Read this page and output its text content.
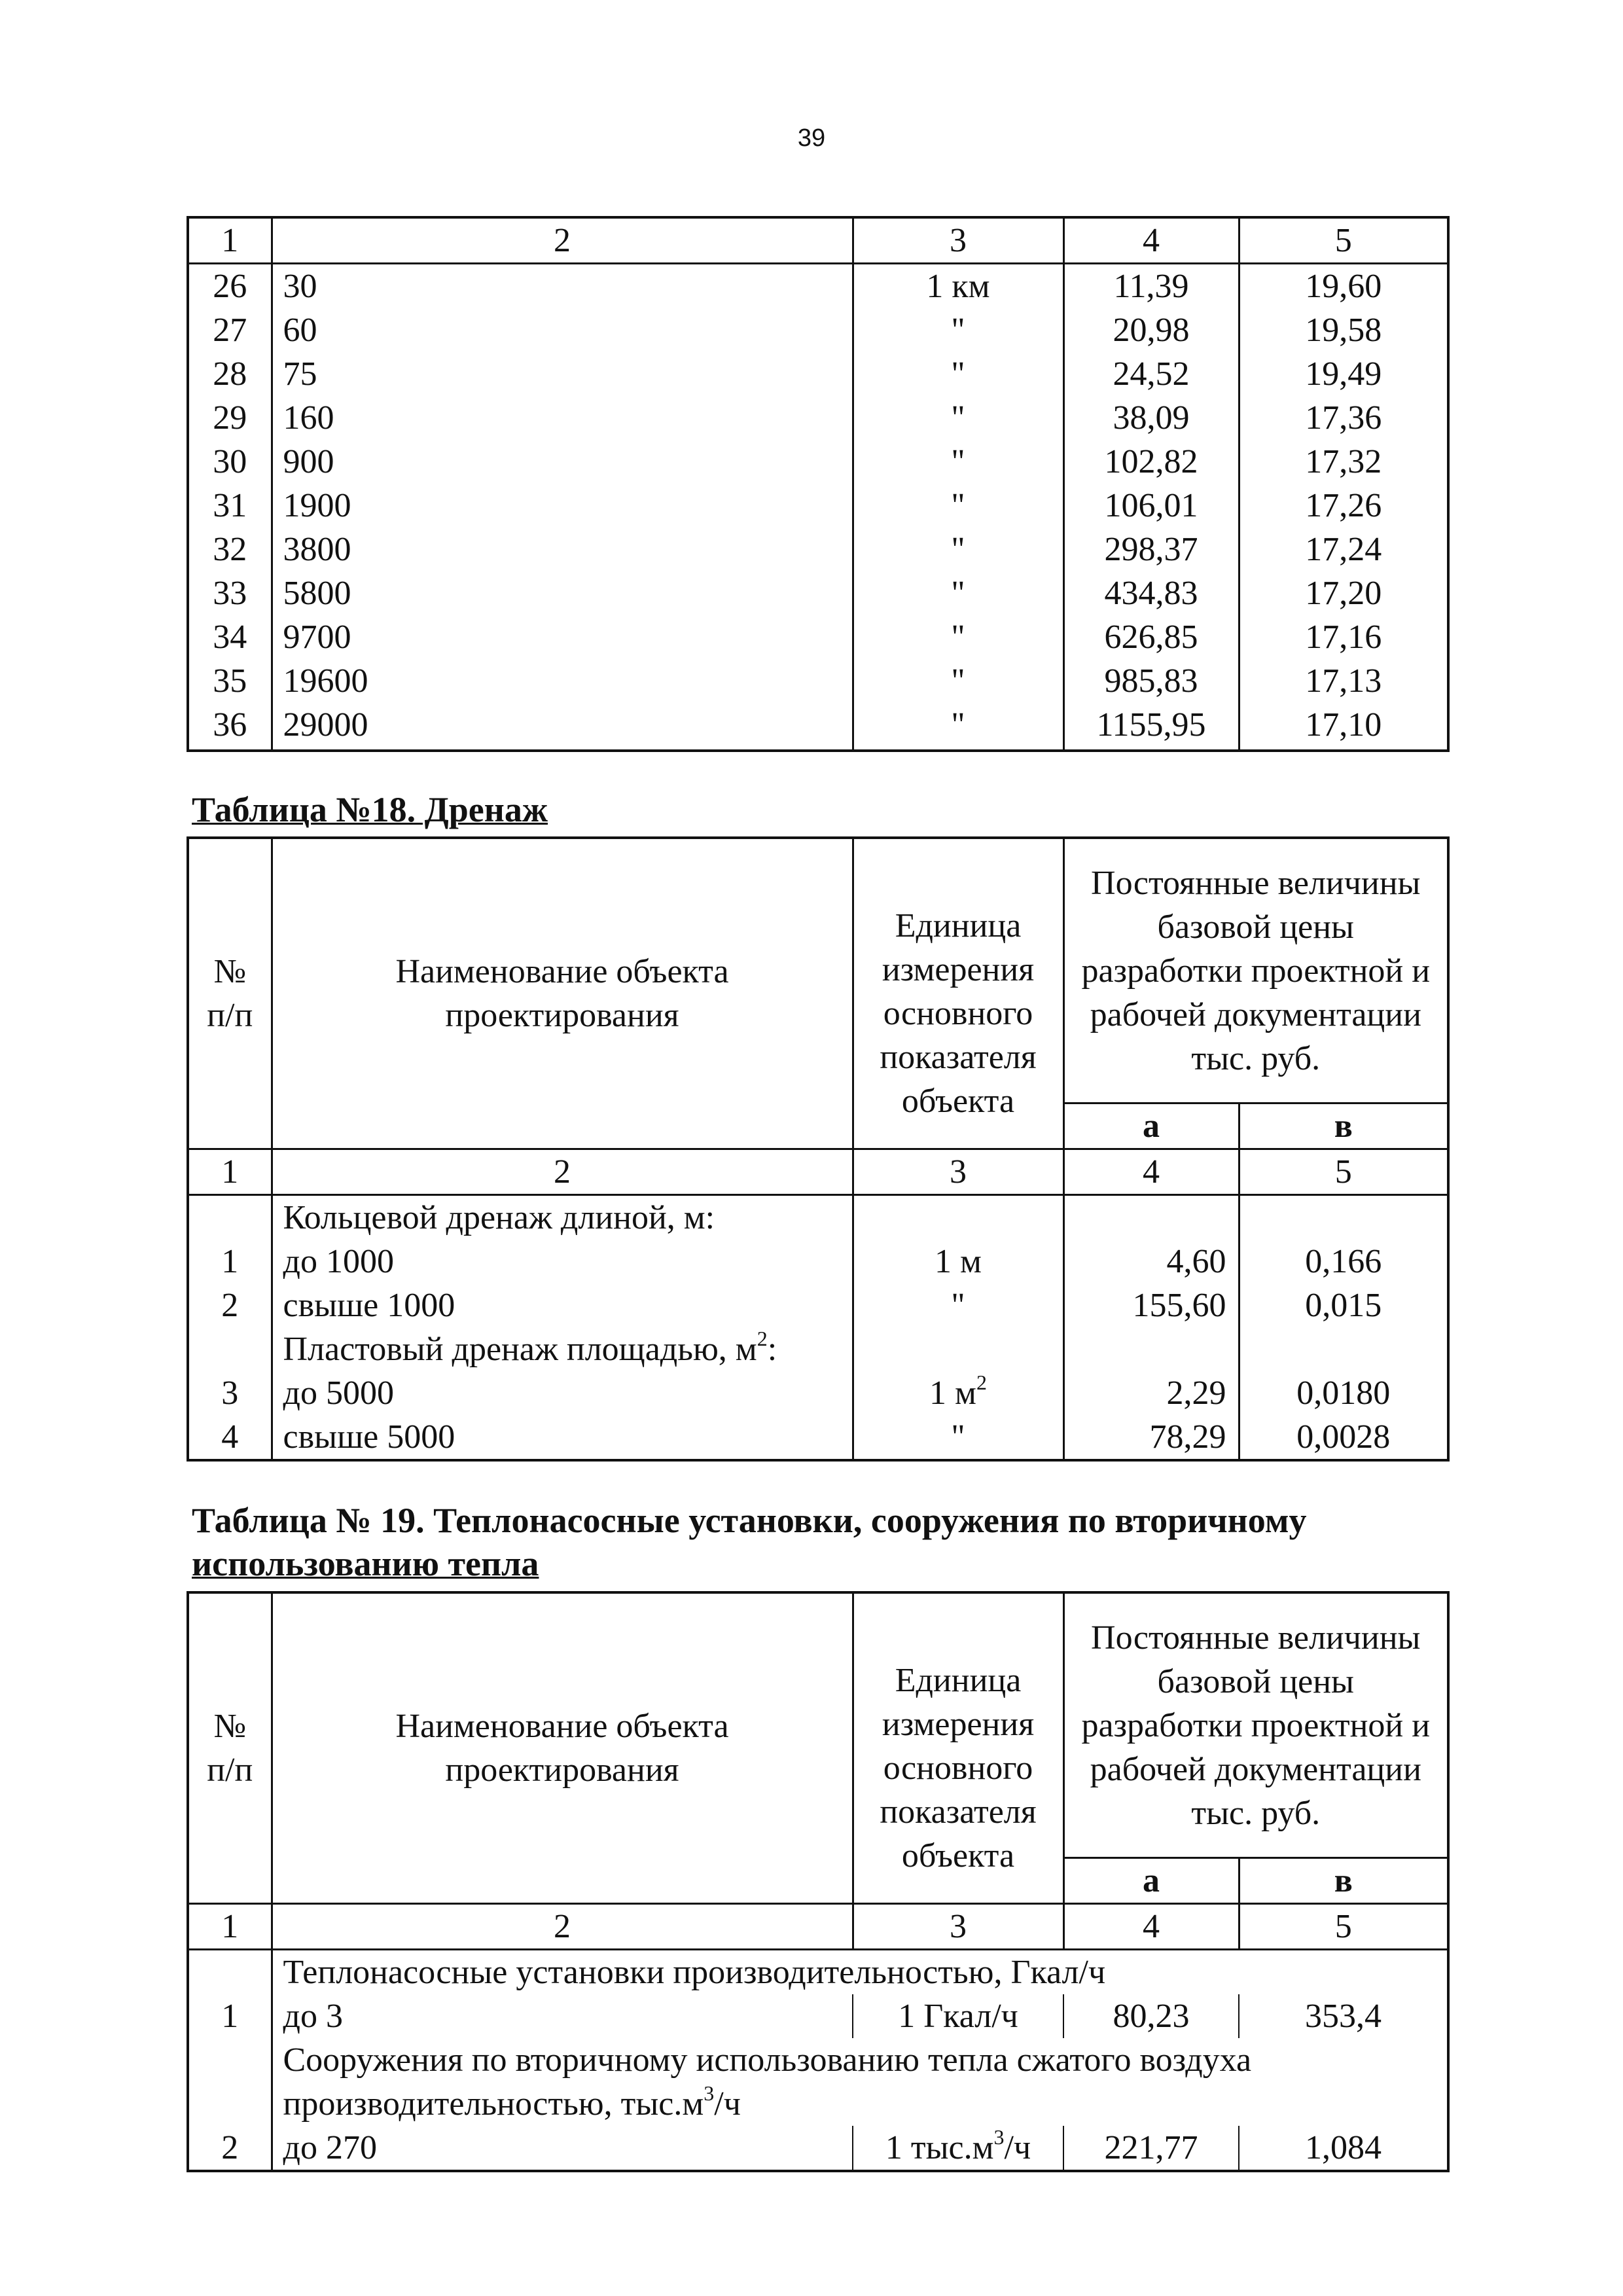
39
1	2	3	4	5
26	30	1 км	11,39	19,60
27	60	"	20,98	19,58
28	75	"	24,52	19,49
29	160	"	38,09	17,36
30	900	"	102,82	17,32
31	1900	"	106,01	17,26
32	3800	"	298,37	17,24
33	5800	"	434,83	17,20
34	9700	"	626,85	17,16
35	19600	"	985,83	17,13
36	29000	"	1155,95	17,10
Таблица №18. Дренаж
№ п/п	Наименование объекта проектирования	Единица измерения основного показателя объекта	Постоянные величины базовой цены разработки проектной и рабочей документации тыс. руб.	
			а	в
1	2	3	4	5
	Кольцевой дренаж длиной, м:			
1	до 1000	1 м	4,60	0,166
2	свыше 1000	"	155,60	0,015
	Пластовый дренаж площадью, $м^2$:			
3	до 5000	1 $м^2$	2,29	0,0180
4	свыше 5000	"	78,29	0,0028
Таблица № 19. Теплонасосные установки, сооружения по вторичному
использованию тепла
№ п/п	Наименование объекта проектирования	Единица измерения основного показателя объекта	Постоянные величины базовой цены разработки проектной и рабочей документации тыс. руб.	
			а	в
1	2	3	4	5
	Теплонасосные установки производительностью, Гкал/ч			
1	до 3	1 Гкал/ч	80,23	353,4
	Сооружения по вторичному использованию тепла сжатого воздуха			
	производительностью, $тыс.м^3/ч$			
2	до 270	1 $тыс.м^3/ч$	221,77	1,084
